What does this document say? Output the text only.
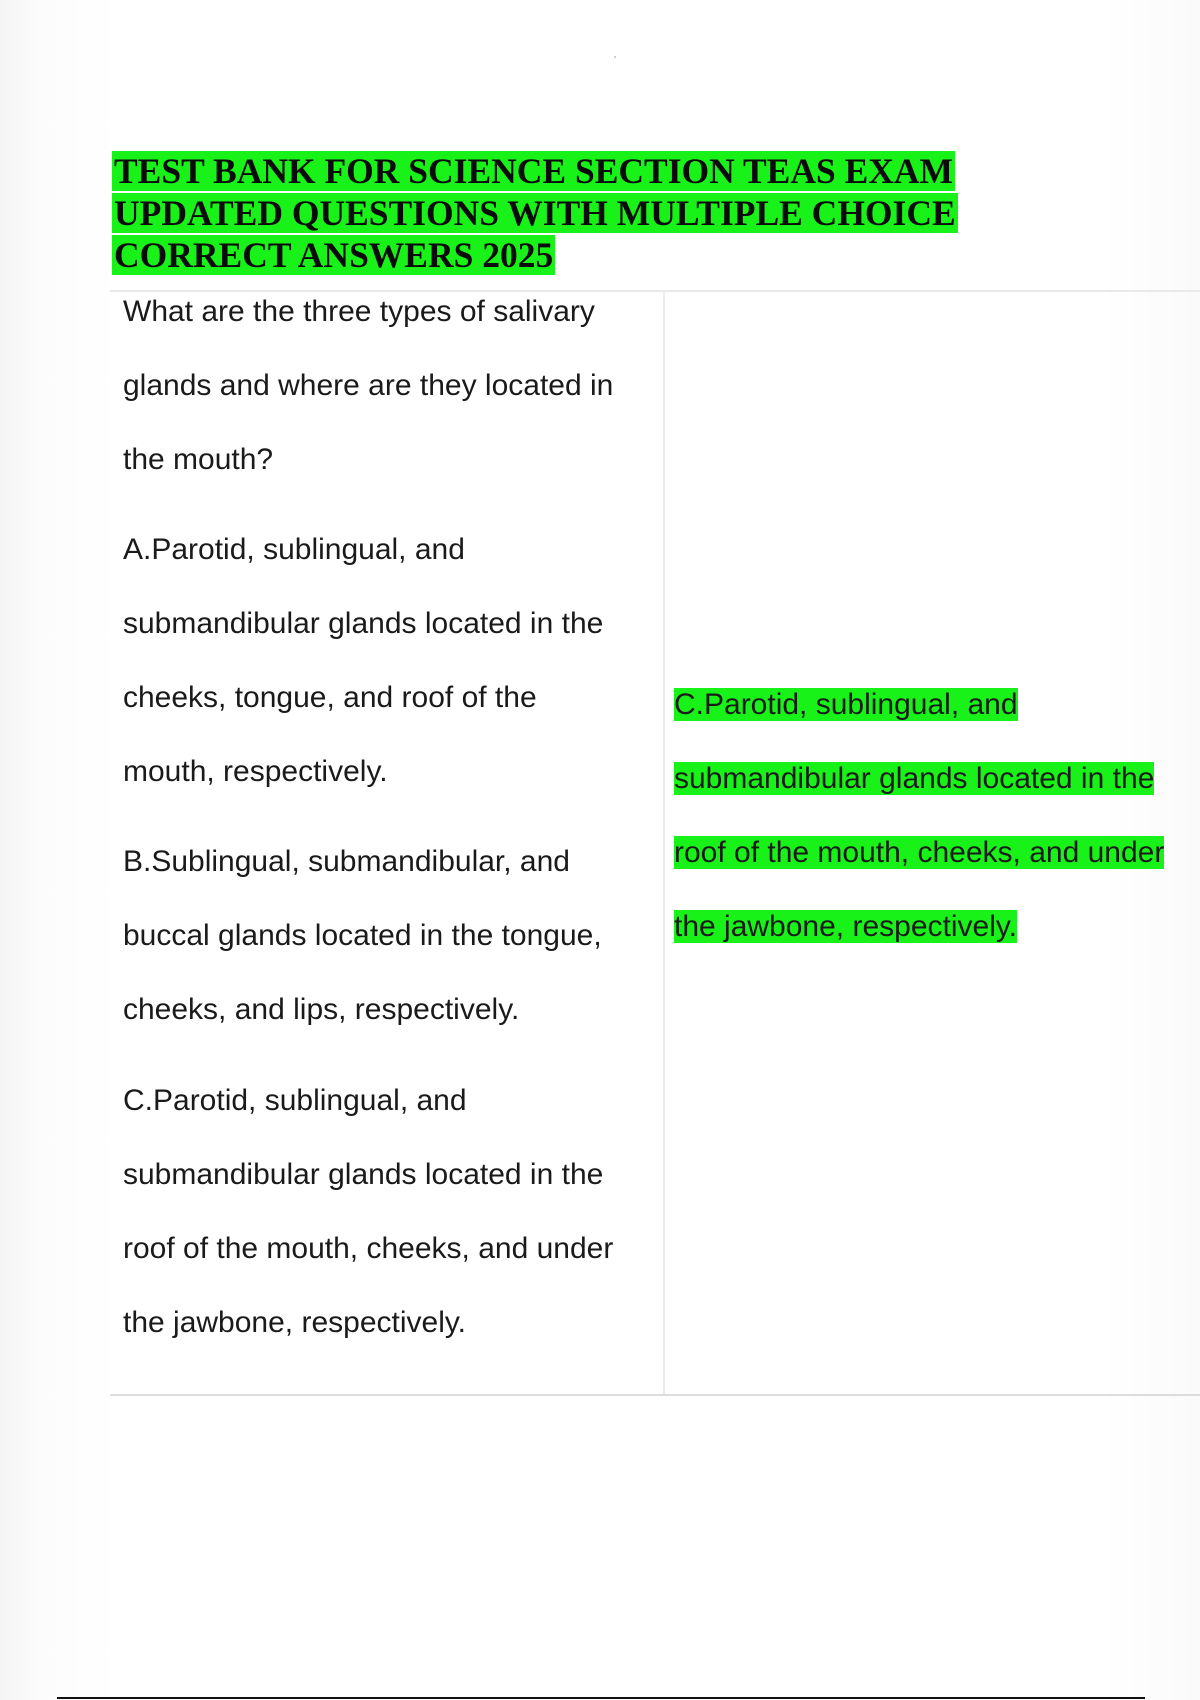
TEST BANK FOR SCIENCE SECTION TEAS EXAM
UPDATED QUESTIONS WITH MULTIPLE CHOICE
CORRECT ANSWERS 2025

What are the three types of salivary

glands and where are they located in

the mouth?

A.Parotid, sublingual, and

submandibular glands located in the

cheeks, tongue, and roof of the

mouth, respectively.

B.Sublingual, submandibular, and

buccal glands located in the tongue,

cheeks, and lips, respectively.

C.Parotid, sublingual, and

submandibular glands located in the

roof of the mouth, cheeks, and under

the jawbone, respectively.

C.Parotid, sublingual, and

submandibular glands located in the

roof of the mouth, cheeks, and under

the jawbone, respectively.
